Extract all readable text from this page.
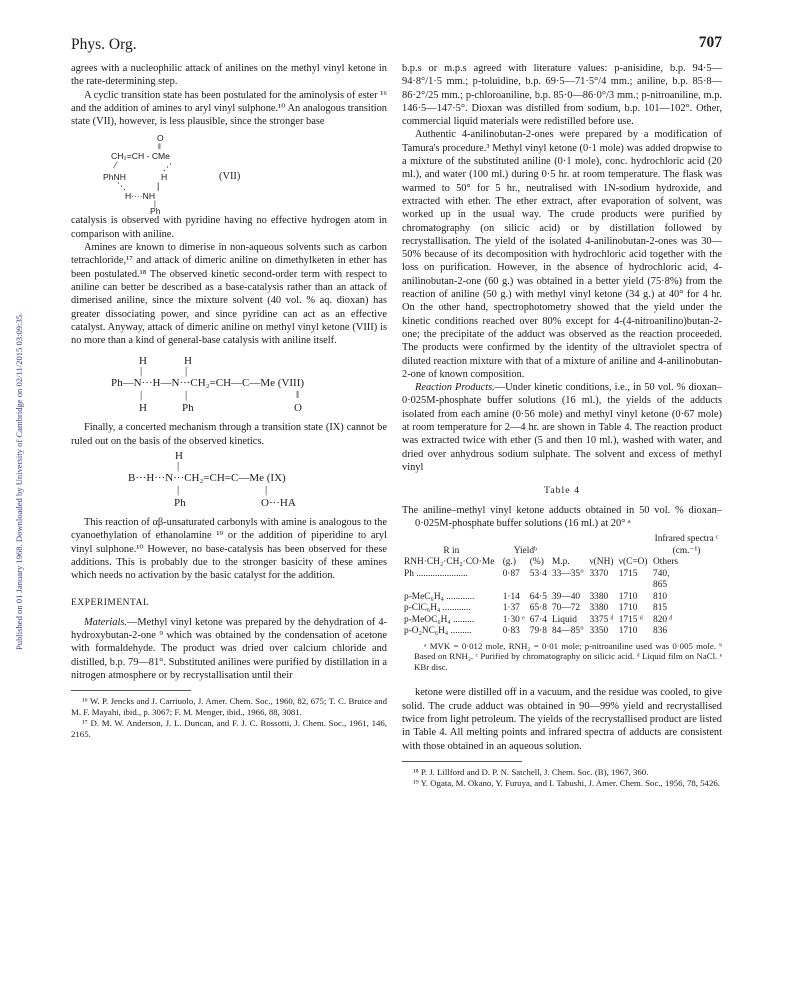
Published on 01 January 1968. Downloaded by University of Cambridge on 02/11/2015 03:09:35.
Phys. Org.	707

agrees with a nucleophilic attack of anilines on the methyl vinyl ketone in the rate-determining step.

A cyclic transition state has been postulated for the aminolysis of ester ¹⁶ and the addition of amines to aryl vinyl sulphone.¹⁰ An analogous transition state (VII), however, is less plausible, since the stronger base

O
‖
CH₂=CH - CMe
⁄	⋰
PhNH	H	(VII)
⋱	|
H····NH
|
Ph

catalysis is observed with pyridine having no effective hydrogen atom in comparison with aniline.

Amines are known to dimerise in non-aqueous solvents such as carbon tetrachloride,¹⁷ and attack of dimeric aniline on dimethylketen in ether has been postulated.¹⁸ The observed kinetic second-order term with respect to aniline can better be described as a base-catalysis rather than an attack of dimerised aniline, since the mixture solvent (40 vol. % aq. dioxan) has greater dissociating power, and since pyridine can act as an effective catalyst. Anyway, attack of dimeric aniline on methyl vinyl ketone (VIII) is no more than a kind of general-base catalysis with aniline itself.

H	H
|	|
Ph—N···H—N···CH₂=CH—C—Me (VIII)
|	|	‖
H	Ph	O

Finally, a concerted mechanism through a transition state (IX) cannot be ruled out on the basis of the observed kinetics.

H
|
B···H···N···CH₂=CH=C—Me (IX)
|	|
Ph	O···HA

This reaction of αβ-unsaturated carbonyls with amine is analogous to the cyanoethylation of ethanolamine ¹⁹ or the addition of piperidine to aryl vinyl sulphone.¹⁰ However, no base-catalysis has been observed for these additions. This is probably due to the stronger basicity of these amines which needs no activation by the basic catalyst for the addition.

EXPERIMENTAL

Materials.—Methyl vinyl ketone was prepared by the dehydration of 4-hydroxybutan-2-one ⁹ which was obtained by the condensation of acetone with formaldehyde. The product was dried over calcium chloride and distilled, b.p. 79—81°. Substituted anilines were purified by distillation in a nitrogen atmosphere or by recrystallisation until their

¹⁶ W. P. Jencks and J. Carriuolo, J. Amer. Chem. Soc., 1960, 82, 675; T. C. Bruice and M. F. Mayahi, ibid., p. 3067; F. M. Menger, ibid., 1966, 88, 3081.

¹⁷ D. M. W. Anderson, J. L. Duncan, and F. J. C. Rossotti, J. Chem. Soc., 1961, 146, 2165.

b.p.s or m.p.s agreed with literature values: p-anisidine, b.p. 94·5—94·8°/1·5 mm.; p-toluidine, b.p. 69·5—71·5°/4 mm.; aniline, b.p. 85·8—86·2°/25 mm.; p-chloroaniline, b.p. 85·0—86·0°/3 mm.; p-nitroaniline, m.p. 146·5—147·5°. Dioxan was distilled from sodium, b.p. 101—102°. Other, commercial liquid materials were redistilled before use.

Authentic 4-anilinobutan-2-ones were prepared by a modification of Tamura's procedure.³ Methyl vinyl ketone (0·1 mole) was added dropwise to a mixture of the substituted aniline (0·1 mole), conc. hydrochloric acid (20 ml.), and water (100 ml.) during 0·5 hr. at room temperature. The flask was warmed to 50° for 5 hr., neutralised with 1N-sodium hydroxide, and extracted with ether. The ether extract, after evaporation of solvent, was worked up in the usual way. The crude products were purified by chromatography (on silicic acid) or by distillation followed by recrystallisation. The yield of the isolated 4-anilinobutan-2-ones was 30—50% because of its decomposition with hydrochloric acid together with the loss on purification. However, in the absence of hydrochloric acid, 4-anilinobutan-2-one (60 g.) was obtained in a better yield (75·8%) from the reaction of aniline (50 g.) with methyl vinyl ketone (34 g.) at 40° for 4 hr. On the other hand, spectrophotometry showed that the yield under the kinetic conditions reached over 80% except for 4-(4-nitroanilino)butan-2-one; the precipitate of the adduct was observed as the reaction proceeded. The products were confirmed by the identity of the ultraviolet spectra of diluted reaction mixture with that of a mixture of aniline and 4-anilinobutan-2-one of known composition.

Reaction Products.—Under kinetic conditions, i.e., in 50 vol. % dioxan–0·025M-phosphate buffer solutions (16 ml.), the yields of the adducts isolated from each amine (0·56 mole) and methyl vinyl ketone (0·67 mole) at room temperature for 2—4 hr. are shown in Table 4. The reaction product was extracted twice with ether (5 and then 10 ml.), washed with water, and dried over anhydrous sodium sulphate. The solvent and excess of methyl vinyl

Table 4

The aniline–methyl vinyl ketone adducts obtained in 50 vol. % dioxan–0·025M-phosphate buffer solutions (16 ml.) at 20° ᵃ

						Infrared spectra ᶜ
R in	Yieldᵇ					(cm.⁻¹)
RNH·CH₂·CH₂·CO·Me	(g.)	(%)	M.p.	ν(NH)	ν(C=O)	Others
Ph ......................	0·87	53·4	33—35°	3370	1715	740,
865
p-MeC₆H₄ ............	1·14	64·5	39—40	3380	1710	810
p-ClC₆H₄ ............	1·37	65·8	70—72	3380	1710	815
p-MeOC₆H₄ .........	1·30 ᵉ	67·4	Liquid	3375 ᵈ	1715 ᵈ	820 ᵈ
p-O₂NC₆H₄ .........	0·83	79·8	84—85°	3350	1710	836

ᵃ MVK = 0·012 mole, RNH₂ = 0·01 mole; p-nitroaniline used was 0·005 mole. ᵇ Based on RNH₂. ᶜ Purified by chromatography on silicic acid. ᵈ Liquid film on NaCl. ᵉ KBr disc.

ketone were distilled off in a vacuum, and the residue was cooled, to give solid. The crude adduct was obtained in 90—99% yield and recrystallised twice from light petroleum. The yields of the recrystallised product are listed in Table 4. All melting points and infrared spectra of adducts are consistent with those obtained in an aqueous solution.

¹⁸ P. J. Lillford and D. P. N. Satchell, J. Chem. Soc. (B), 1967, 360.

¹⁹ Y. Ogata, M. Okano, Y. Furuya, and I. Tabushi, J. Amer. Chem. Soc., 1956, 78, 5426.
